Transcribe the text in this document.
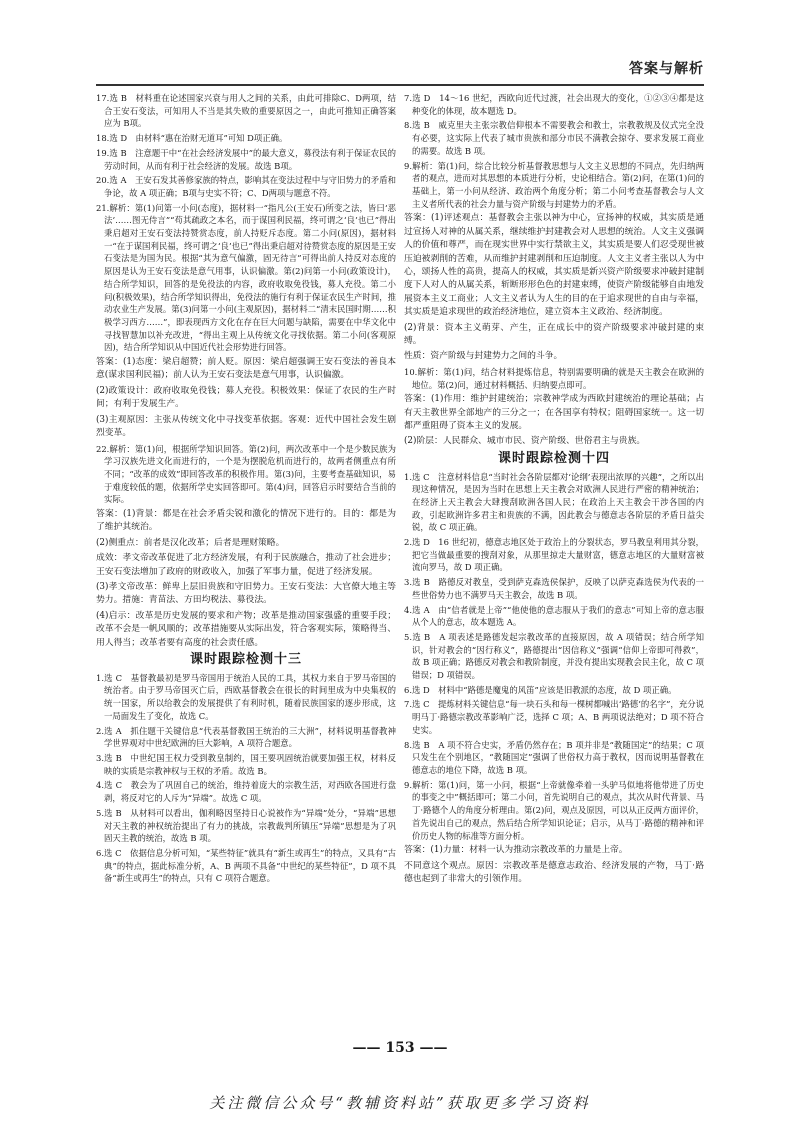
答案与解析

17.选 B　材料重在论述国家兴衰与用人之间的关系，由此可排除C、D两项，结合王安石变法，可知用人不当是其失败的重要原因之一，由此可推知正确答案应为 B项。

18.选 D　由材料“惠在治财无道耳”可知 D项正确。

19.选 B　注意题干中“在社会经济发展中”的最大意义，募役法有利于保证农民的劳动时间，从而有利于社会经济的发展。故选 B项。

20.选 A　王安石发其善修家族的特点，影响其在变法过程中与守旧势力的矛盾和争论，故 A 项正确；B项与史实不符；C、D两项与题意不符。

21.解析：第(1)问第一小问(态度)，据材料一“指凡公(王安石)所变之法，皆曰‘恶法’……图无侍言”“苟其疏政之本名，而于谋国利民福，终可谓之‘良’也已”得出秉启超对王安石变法持赞赏态度，前人持贬斥态度。第二小问(原因)，据材料一“在于谋国利民福，终可谓之‘良’也已”得出秉启超对待赞赏态度的原因是王安石变法是为国为民。根据“其为意气偏激，固无待言”可得出前人持反对态度的原因是认为王安石变法是意气用事，认识偏激。第(2)问第一小问(政策设计)，结合所学知识，回答的是免役法的内容，政府收取免役钱，募人充役。第二小问(积极效果)，结合所学知识得出，免役法的施行有利于保证农民生产时间，推动农业生产发展。第(3)问第一小问(主观原因)，据材料二“清末民国时期……积极学习西方……”，即表现西方文化在存在巨大问题与缺陷，需要在中华文化中寻找智慧加以补充改进，“得出主观上从传统文化寻找依据。第二小问(客观原因)，结合所学知识从中国近代社会形势进行回答。

答案：(1)态度：梁启超赞；前人贬。原因：梁启超强调王安石变法的善良本意(谋求国利民福)；前人认为王安石变法是意气用事，认识偏激。

(2)政策设计：政府收取免役钱；募人充役。积极效果：保证了农民的生产时间；有利于发展生产。

(3)主观原因：主张从传统文化中寻找变革依据。客观：近代中国社会发生剧烈变革。

22.解析：第(1)问，根据所学知识回答。第(2)问，两次改革中一个是少数民族为学习汉族先进文化而进行的，一个是为摆脱危机而进行的，故两者侧重点有所不同；“改革的成效”即回答改革的积极作用。第(3)问，主要考查基础知识，易于难度较低的题，依据所学史实回答即可。第(4)问，回答启示时要结合当前的实际。

答案：(1)背景：都是在社会矛盾尖锐和激化的情况下进行的。目的：都是为了维护其统治。

(2)侧重点：前者是汉化改革；后者是理财策略。

成效：孝文帝改革促进了北方经济发展，有利于民族融合，推动了社会进步；王安石变法增加了政府的财政收入，加强了军事力量，促进了经济发展。

(3)孝文帝改革：鲜卑上层旧贵族和守旧势力。王安石变法：大官僚大地主等势力。措施：青苗法、方田均税法、募役法。

(4)启示：改革是历史发展的要求和产物；改革是推动国家强盛的重要手段；改革不会是一帆风顺的；改革措施要从实际出发，符合客观实际，策略得当、用人得当；改革者要有高度的社会责任感。

课时跟踪检测十三

1.选 C　基督教最初是罗马帝国用于统治人民的工具，其权力来自于罗马帝国的统治者。由于罗马帝国灭亡后，西欧基督教会在很长的时间里成为中央集权的统一国家，所以给教会的发展提供了有利时机，随着民族国家的逐步形成，这一局面发生了变化，故选 C。

2.选 A　抓住题干关键信息“代表基督教国王统治的三大洲”，材料说明基督教神学世界观对中世纪欧洲的巨大影响，A 项符合题意。

3.选 B　中世纪国王权力受到教皇制约，国王要巩固统治就要加强王权，材料反映的实质是宗教神权与王权的矛盾。故选 B。

4.选 C　教会为了巩固自己的统治，维持着庞大的宗教生活，对西欧各国进行盘剥，将反对它的人斥为“异端”。故选 C 项。

5.选 B　从材料可以看出，伽利略因坚持日心说被作为“异端”处分，“异端”思想对天主教的神权统治提出了有力的挑战，宗教裁判所镇压“异端”思想是为了巩固天主教的统治，故选 B 项。

6.选 C　依据信息分析可知，“某些特征”就具有“新生或再生”的特点，又具有“古典”的特点，据此标准分析，A、B 两项不具备“中世纪的某些特征”，D 项不具备“新生或再生”的特点，只有 C 项符合题意。

7.选 D　14～16 世纪，西欧向近代过渡，社会出现大的变化，①②③④都是这种变化的体现，故本题选 D。

8.选 B　威克里夫主张宗教信仰根本不需要教会和教士，宗教教规及仪式完全没有必要，这实际上代表了城市贵族和部分市民不满教会掠夺、要求发展工商业的需要。故选 B 项。

9.解析：第(1)问，综合比较分析基督教思想与人文主义思想的不同点，先归纳两者的观点，进而对其思想的本质进行分析，史论相结合。第(2)问，在第(1)问的基础上，第一小问从经济、政治两个角度分析；第二小问考查基督教会与人文主义者所代表的社会力量与资产阶级与封建势力的矛盾。

答案：(1)评述观点：基督教会主张以神为中心，宣扬神的权威，其实质是通过宣扬人对神的从属关系，继续维护封建教会对人思想的统治。人文主义强调人的价值和尊严，而在现实世界中实行禁欲主义，其实质是要人们忍受现世被压迫被剥削的苦难，从而维护封建剥削和压迫制度。人文主义者主张以人为中心，颂扬人性的高贵，提高人的权威，其实质是新兴资产阶级要求冲破封建制度下人对人的从属关系，斩断形形色色的封建束缚，使资产阶级能够自由地发展资本主义工商业；人文主义者认为人生的目的在于追求现世的自由与幸福，其实质是追求现世的政治经济地位，建立资本主义政治、经济制度。

(2)背景：资本主义萌芽、产生，正在成长中的资产阶级要求冲破封建的束缚。

性质：资产阶级与封建势力之间的斗争。

10.解析：第(1)问，结合材料提炼信息，特别需要明确的就是天主教会在欧洲的地位。第(2)问，通过材料概括、归纳要点即可。

答案：(1)作用：维护封建统治；宗教神学成为西欧封建统治的理论基础；占有天主教世界全部地产的三分之一；在各国享有特权；阻碍国家统一。这一切都严重阻碍了资本主义的发展。

(2)阶层：人民群众、城市市民、资产阶级、世俗君主与贵族。

课时跟踪检测十四

1.选 C　注意材料信息“当时社会各阶层都对‘论纲’表现出浓厚的兴趣”，之所以出现这种情况，是因为当时在思想上天主教会对欧洲人民进行严密的精神统治；在经济上天主教会大肆搜刮欧洲各国人民；在政治上天主教会干涉各国的内政，引起欧洲许多君主和贵族的不满，因此教会与德意志各阶层的矛盾日益尖锐，故 C 项正确。

2.选 D　16 世纪初，德意志地区处于政治上的分裂状态，罗马教皇利用其分裂，把它当做最重要的搜刮对象，从那里掠走大量财富，德意志地区的大量财富被流向罗马，故 D 项正确。

3.选 B　路德反对教皇，受到萨克森选侯保护，反映了以萨克森选侯为代表的一些世俗势力也不满罗马天主教会，故选 B 项。

4.选 A　由“信者就是上帝”“他使他的意志服从于我们的意志”可知上帝的意志服从个人的意志，故本题选 A。

5.选 B　A 项表述是路德发起宗教改革的直接原因，故 A 项错误；结合所学知识，针对教会的“因行称义”，路德提出“因信称义”强调“信仰上帝即可得救”，故 B 项正确；路德反对教会和教阶制度，并没有提出实现教会民主化，故 C 项错误；D 项错误。

6.选 D　材料中“路德是魔鬼的风笛”应该是旧教派的态度，故 D 项正确。

7.选 C　提炼材料关键信息“每一块石头和每一棵树都喊出‘路德’的名字”，充分说明马丁·路德宗教改革影响广泛，选择 C 项；A、B 两项说法绝对；D 项不符合史实。

8.选 B　A 项不符合史实，矛盾仍然存在；B 项并非是“教随国定”的结果；C 项只发生在个别地区，“教随国定”强调了世俗权力高于教权，因而说明基督教在德意志的地位下降，故选 B 项。

9.解析：第(1)问，第一小问，根据“上帝就像牵着一头驴马似地将他带进了历史的事变之中”概括即可；第二小问，首先说明自己的观点，其次从时代背景、马丁·路德个人的角度分析理由。第(2)问，观点及原因，可以从正反两方面评价，首先说出自己的观点，然后结合所学知识论证；启示，从马丁·路德的精神和评价历史人物的标准等方面分析。

答案：(1)力量：材料一认为推动宗教改革的力量是上帝。

不同意这个观点。原因：宗教改革是德意志政治、经济发展的产物，马丁·路德也起到了非常大的引领作用。

—— 153 ——
关注微信公众号“教辅资料站”获取更多学习资料
